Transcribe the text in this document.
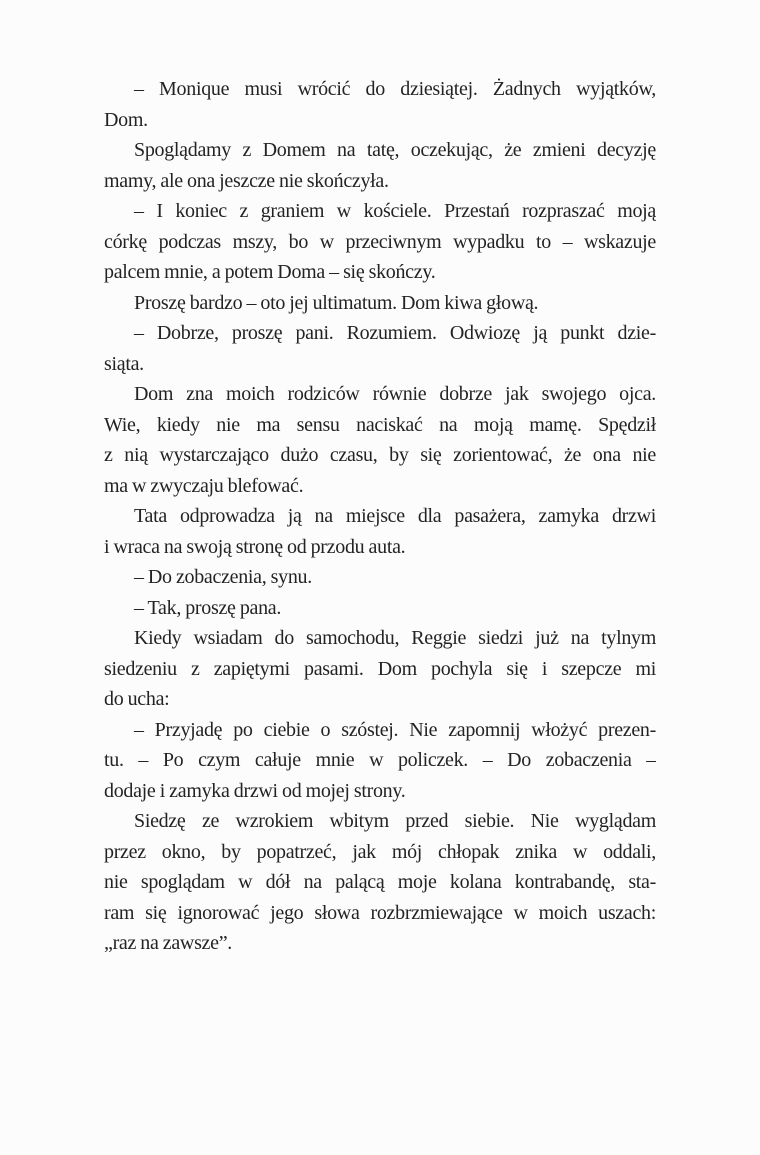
– Monique musi wrócić do dziesiątej. Żadnych wyjątków,
Dom.
Spoglądamy z Domem na tatę, oczekując, że zmieni decyzję
mamy, ale ona jeszcze nie skończyła.
– I koniec z graniem w kościele. Przestań rozpraszać moją
córkę podczas mszy, bo w przeciwnym wypadku to – wskazuje
palcem mnie, a potem Doma – się skończy.
Proszę bardzo – oto jej ultimatum. Dom kiwa głową.
– Dobrze, proszę pani. Rozumiem. Odwiozę ją punkt dzie-
siąta.
Dom zna moich rodziców równie dobrze jak swojego ojca.
Wie, kiedy nie ma sensu naciskać na moją mamę. Spędził
z nią wystarczająco dużo czasu, by się zorientować, że ona nie
ma w zwyczaju blefować.
Tata odprowadza ją na miejsce dla pasażera, zamyka drzwi
i wraca na swoją stronę od przodu auta.
– Do zobaczenia, synu.
– Tak, proszę pana.
Kiedy wsiadam do samochodu, Reggie siedzi już na tylnym
siedzeniu z zapiętymi pasami. Dom pochyla się i szepcze mi
do ucha:
– Przyjadę po ciebie o szóstej. Nie zapomnij włożyć prezen-
tu. – Po czym całuje mnie w policzek. – Do zobaczenia –
dodaje i zamyka drzwi od mojej strony.
Siedzę ze wzrokiem wbitym przed siebie. Nie wyglądam
przez okno, by popatrzeć, jak mój chłopak znika w oddali,
nie spoglądam w dół na palącą moje kolana kontrabandę, sta-
ram się ignorować jego słowa rozbrzmiewające w moich uszach:
„raz na zawsze”.
